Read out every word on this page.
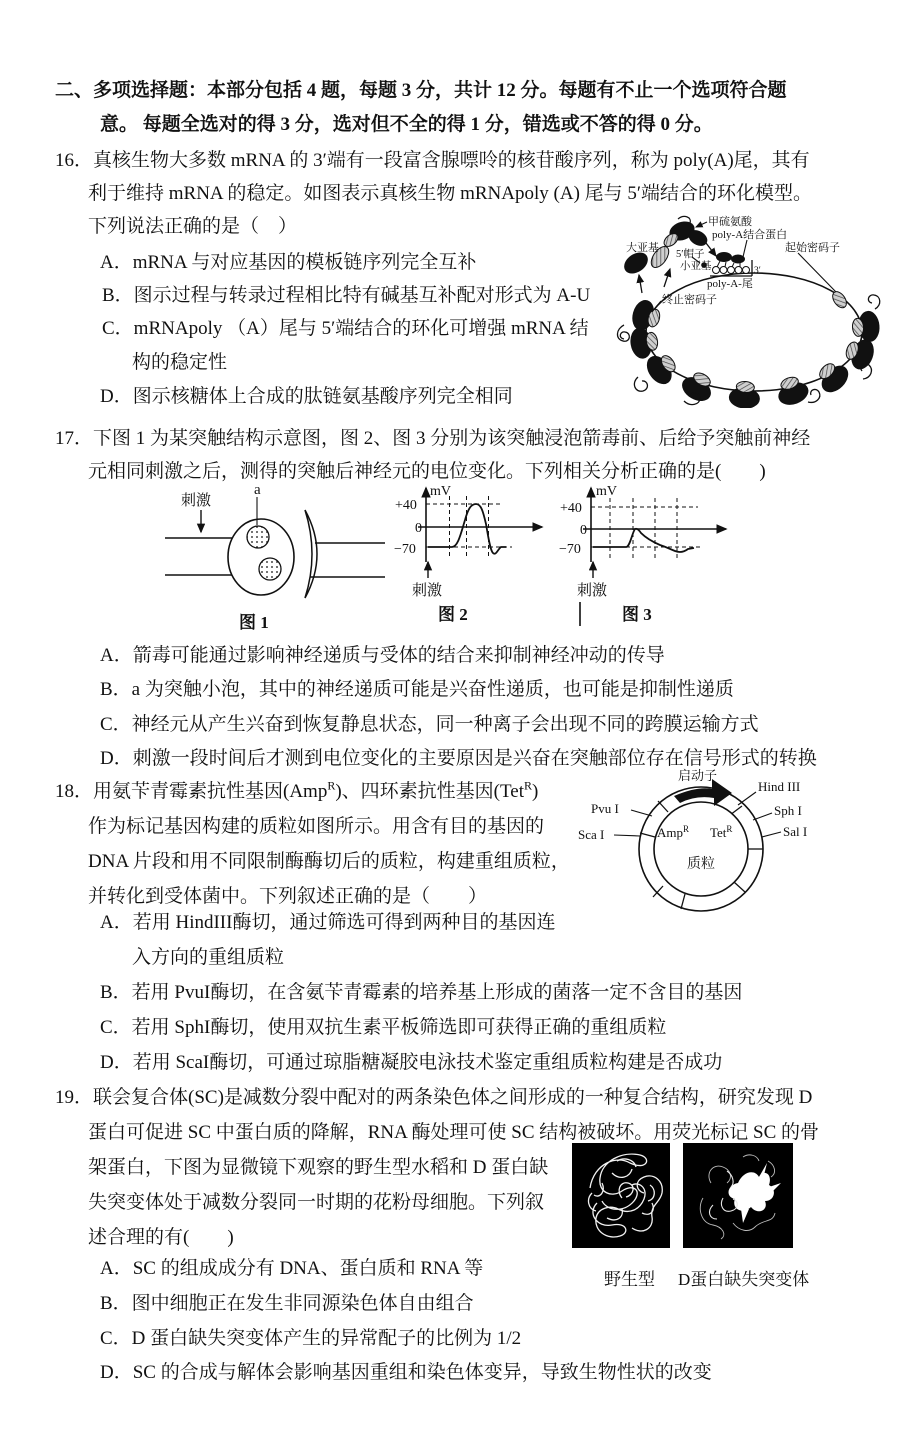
二、多项选择题：本部分包括 4 题，每题 3 分，共计 12 分。每题有不止一个选项符合题
意。 每题全选对的得 3 分，选对但不全的得 1 分，错选或不答的得 0 分。
16．真核生物大多数 mRNA 的 3′端有一段富含腺嘌呤的核苷酸序列，称为 poly(A)尾，其有
利于维持 mRNA 的稳定。如图表示真核生物 mRNApoly (A) 尾与 5′端结合的环化模型。
下列说法正确的是（　）
A．mRNA 与对应基因的模板链序列完全互补
B．图示过程与转录过程相比特有碱基互补配对形式为 A-U
C．mRNApoly （A）尾与 5′端结合的环化可增强 mRNA 结
构的稳定性
D．图示核糖体上合成的肽链氨基酸序列完全相同
甲硫氨酸
poly-A结合蛋白
起始密码子
大亚基
5′帽子
小亚基
poly-A-尾
3′
终止密码子
17．下图 1 为某突触结构示意图，图 2、图 3 分别为该突触浸泡箭毒前、后给予突触前神经
元相同刺激之后，测得的突触后神经元的电位变化。下列相关分析正确的是(　　)
刺激
a
图 1
mV
+40
0
−70
刺激
图 2
mV
+40
0
−70
刺激
图 3
A．箭毒可能通过影响神经递质与受体的结合来抑制神经冲动的传导
B．a 为突触小泡，其中的神经递质可能是兴奋性递质，也可能是抑制性递质
C．神经元从产生兴奋到恢复静息状态，同一种离子会出现不同的跨膜运输方式
D．刺激一段时间后才测到电位变化的主要原因是兴奋在突触部位存在信号形式的转换
18．用氨苄青霉素抗性基因(Amp$^R$)、四环素抗性基因(Tet$^R$)
作为标记基因构建的质粒如图所示。用含有目的基因的
DNA 片段和用不同限制酶酶切后的质粒，构建重组质粒，
并转化到受体菌中。下列叙述正确的是（　　）
A．若用 HindIII酶切，通过筛选可得到两种目的基因连
入方向的重组质粒
B．若用 PvuI酶切，在含氨苄青霉素的培养基上形成的菌落一定不含目的基因
C．若用 SphI酶切，使用双抗生素平板筛选即可获得正确的重组质粒
D．若用 ScaI酶切，可通过琼脂糖凝胶电泳技术鉴定重组质粒构建是否成功
启动子
Hind III
Sph I
Sal I
Pvu I
Sca I	Amp$^R$ Tet$^R$
质粒
19．联会复合体(SC)是减数分裂中配对的两条染色体之间形成的一种复合结构，研究发现 D
蛋白可促进 SC 中蛋白质的降解，RNA 酶处理可使 SC 结构被破坏。用荧光标记 SC 的骨
架蛋白，下图为显微镜下观察的野生型水稻和 D 蛋白缺
失突变体处于减数分裂同一时期的花粉母细胞。下列叙
述合理的有(　　)
A．SC 的组成成分有 DNA、蛋白质和 RNA 等
B．图中细胞正在发生非同源染色体自由组合
C．D 蛋白缺失突变体产生的异常配子的比例为 1/2
D．SC 的合成与解体会影响基因重组和染色体变异，导致生物性状的改变
野生型 D蛋白缺失突变体
